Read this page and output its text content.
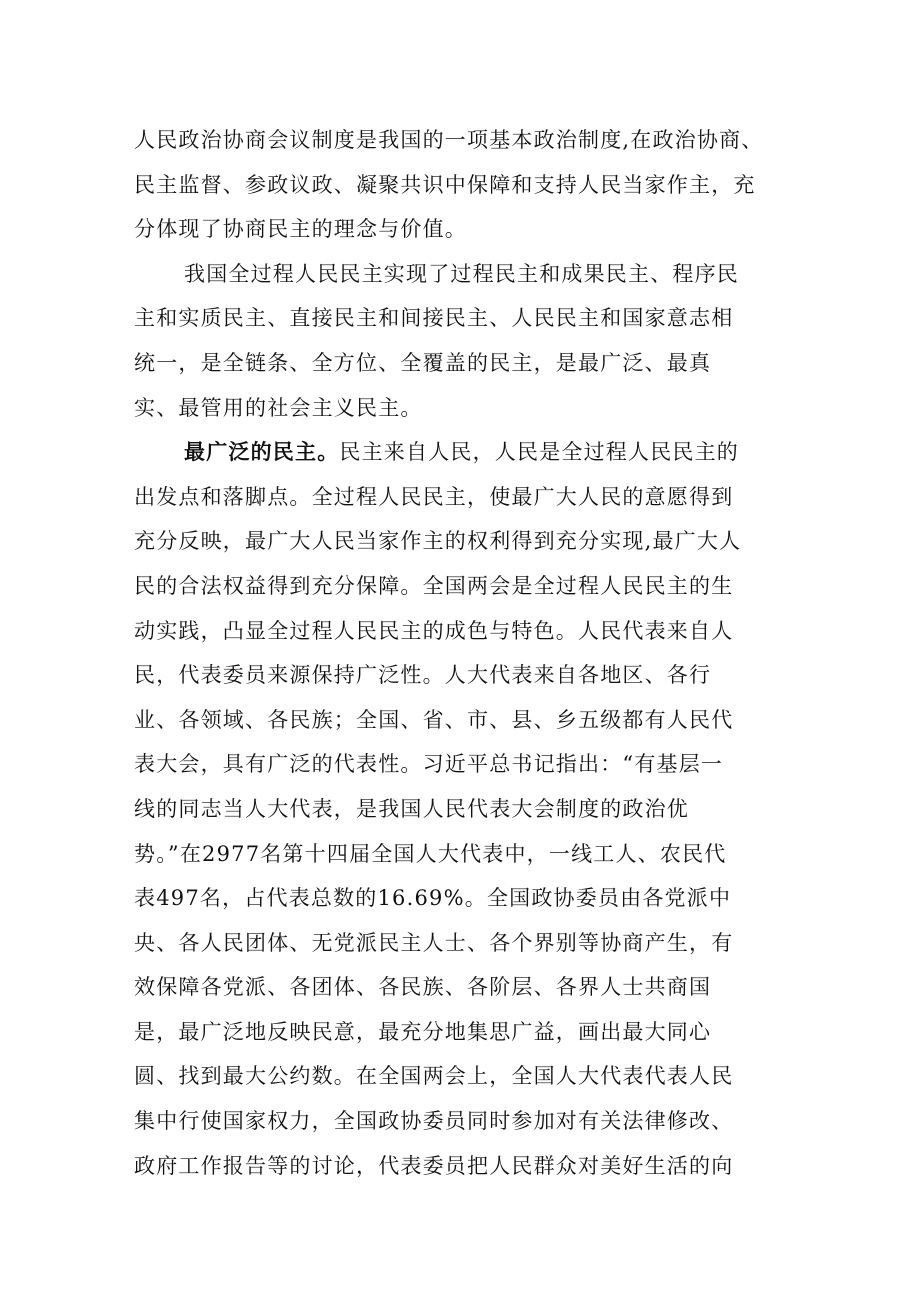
人民政治协商会议制度是我国的一项基本政治制度,在政治协商、
民主监督、参政议政、凝聚共识中保障和支持人民当家作主，充
分体现了协商民主的理念与价值。
我国全过程人民民主实现了过程民主和成果民主、程序民
主和实质民主、直接民主和间接民主、人民民主和国家意志相
统一，是全链条、全方位、全覆盖的民主，是最广泛、最真
实、最管用的社会主义民主。
最广泛的民主。民主来自人民，人民是全过程人民民主的
出发点和落脚点。全过程人民民主，使最广大人民的意愿得到
充分反映，最广大人民当家作主的权利得到充分实现,最广大人
民的合法权益得到充分保障。全国两会是全过程人民民主的生
动实践，凸显全过程人民民主的成色与特色。人民代表来自人
民，代表委员来源保持广泛性。人大代表来自各地区、各行
业、各领域、各民族；全国、省、市、县、乡五级都有人民代
表大会，具有广泛的代表性。习近平总书记指出：“有基层一
线的同志当人大代表，是我国人民代表大会制度的政治优
势。”在2977名第十四届全国人大代表中，一线工人、农民代
表497名，占代表总数的16.69%。全国政协委员由各党派中
央、各人民团体、无党派民主人士、各个界别等协商产生，有
效保障各党派、各团体、各民族、各阶层、各界人士共商国
是，最广泛地反映民意，最充分地集思广益，画出最大同心
圆、找到最大公约数。在全国两会上，全国人大代表代表人民
集中行使国家权力，全国政协委员同时参加对有关法律修改、
政府工作报告等的讨论，代表委员把人民群众对美好生活的向
